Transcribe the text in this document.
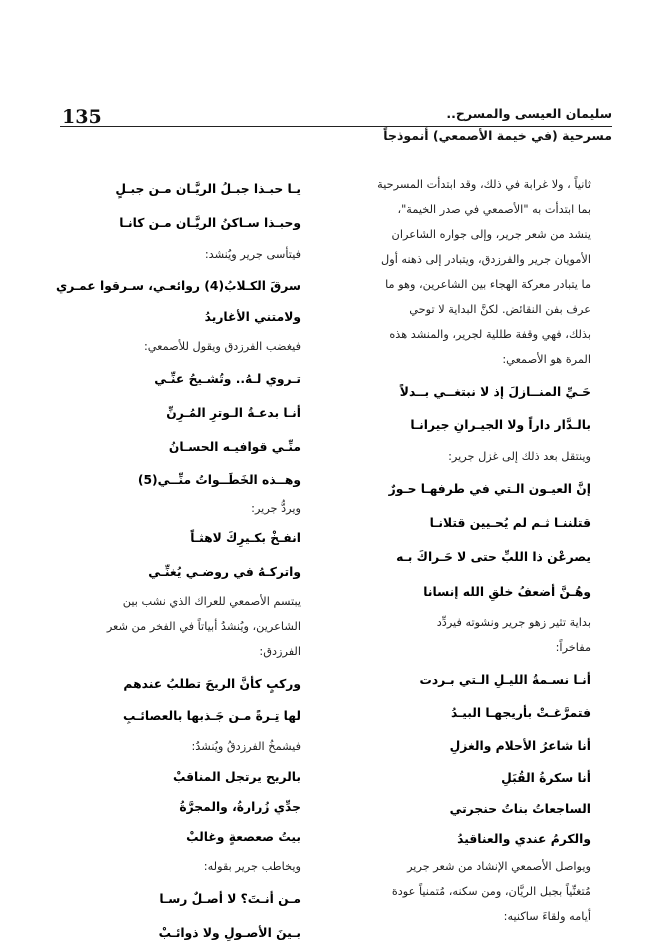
135	سليمان العيسى والمسرح..
مسرحية (في خيمة الأصمعي) أنموذجاً
ثانياً ، ولا غرابة في ذلك، وقد ابتدأت المسرحية
بما ابتدأت به "الأصمعي في صدر الخيمة"،
ينشد من شعر جرير، وإلى جواره الشاعران
الأمويان جرير والفرزدق، ويتبادر إلى ذهنه أول
ما يتبادر معركة الهجاء بين الشاعرين، وهو ما
عرف بفن النقائض. لكنَّ البداية لا توحي
بذلك، فهي وقفة طللية لجرير، والمنشد هذه
المرة هو الأصمعي:
حَـيِّ المنــازلَ إذ لا نبتغــي بــدلاً
بالـدَّار داراً ولا الجيـرانِ جيرانـا
وينتقل بعد ذلك إلى غزل جرير:
إنَّ العيـون الـتي في طرفهـا حـورٌ
قتلننـا ثـم لم يُحـيين قتلانـا
يصرعْن ذا اللبِّ حتى لا حَـراكَ بـه
وهُـنَّ أضعفُ خلقِ الله إنسانا
بداية تثير زهو جرير ونشوته فيردِّد
مفاخراً:
أنـا نسـمةُ الليـلِ الـتي بـردت
فتمرَّغـتْ بأريجهـا البيـدُ
أنا شاعرُ الأحلام والغزلِ
أنا سكرةُ القُبَلِ
الساجعاتُ بناتُ حنجرتي
والكرمُ عندي والعناقيدُ
ويواصل الأصمعي الإنشاد من شعر جرير
مُتغنِّياً بجبل الريَّان، ومن سكنه، مُتمنياً عودة
أيامه ولقاءَ ساكنيه:
يـا حبـذا جبـلُ الريَّـان مـن جبـلٍ
وحبـذا سـاكنُ الريَّـان مـن كانـا
فيتأسى جرير ويُنشد:
سرقَ الكـلابُ(4) روائعـي، سـرقوا عمـري
ولامتني الأغاريدُ
فيغضب الفرزدق ويقول للأصمعي:
تـروي لـهُ.. وتُشـيحُ عنِّـي
أنـا بدعـةُ الـوترِ المُـرِنِّ
منِّـي قوافيـه الحسـانُ
وهــذه الخَطَــواتُ منِّــي(5)
ويردُّ جرير:
انفـخْ بكـيرِكَ لاهثـاً
واتركـهُ في روضـي يُغنِّـي
يبتسم الأصمعي للعراك الذي نشب بين
الشاعرين، ويُنشدُ أبياتاً في الفخر من شعر
الفرزدق:
وركبٍ كأنَّ الريحَ تطلبُ عندهم
لها تِـرةً مـن جَـذبها بالعصائـبِ
فيشمخُ الفرزدقُ ويُنشدُ:
بالريح يرتجل المناقبْ
جدِّي زُرارةُ، والمجرَّةُ
بيتُ صعصعةٍ وغالبْ
ويخاطب جرير بقوله:
مـن أنـتَ؟ لا أصـلٌ رسـا
بـينَ الأصـولِ ولا ذوائـبْ
